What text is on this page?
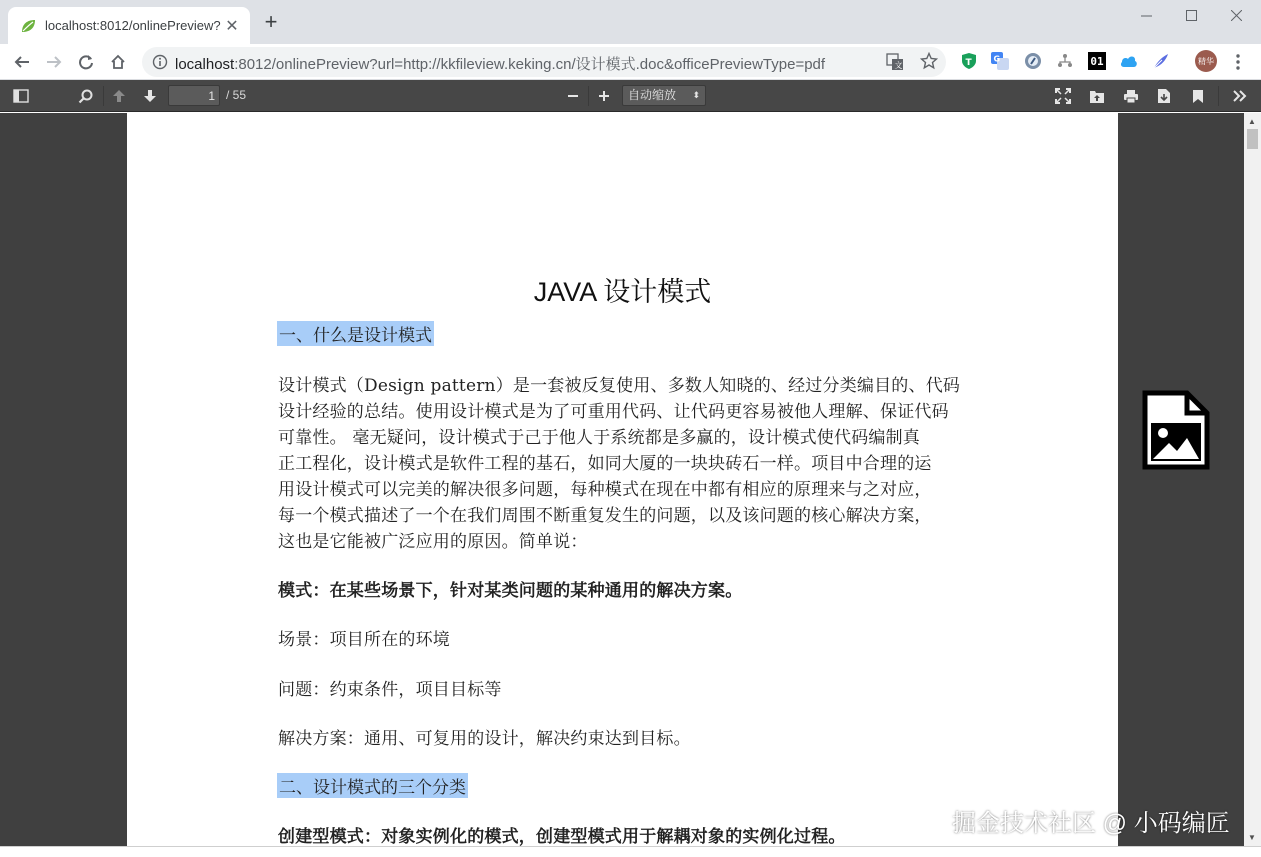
localhost:8012/onlinePreview? ✕ +
localhost:8012/onlinePreview?url=http://kkfileview.keking.cn/设计模式.doc&officePreviewType=pdf	文	T	G	01	精华
1
/ 55	自动缩放 ⬍
JAVA 设计模式
一、什么是设计模式
设计模式（Design pattern）是一套被反复使用、多数人知晓的、经过分类编目的、代码
设计经验的总结。使用设计模式是为了可重用代码、让代码更容易被他人理解、保证代码
可靠性。 毫无疑问，设计模式于己于他人于系统都是多赢的，设计模式使代码编制真
正工程化，设计模式是软件工程的基石，如同大厦的一块块砖石一样。项目中合理的运
用设计模式可以完美的解决很多问题，每种模式在现在中都有相应的原理来与之对应，
每一个模式描述了一个在我们周围不断重复发生的问题，以及该问题的核心解决方案，
这也是它能被广泛应用的原因。简单说：
模式：在某些场景下，针对某类问题的某种通用的解决方案。
场景：项目所在的环境
问题：约束条件，项目目标等
解决方案：通用、可复用的设计，解决约束达到目标。
二、设计模式的三个分类
创建型模式：对象实例化的模式，创建型模式用于解耦对象的实例化过程。	掘金技术社区 @ 小码编匠
▲
▼
